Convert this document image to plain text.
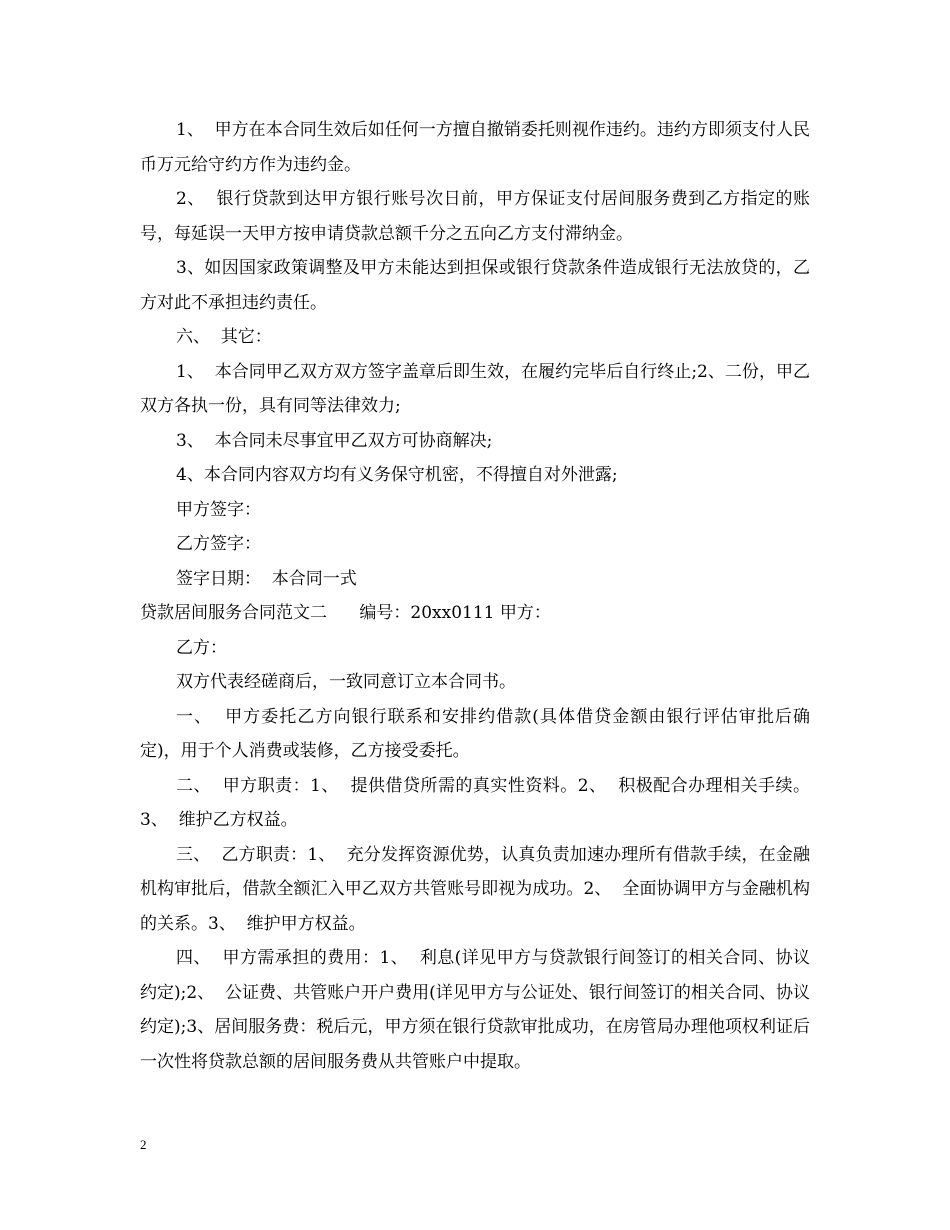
1、  甲方在本合同生效后如任何一方擅自撤销委托则视作违约。违约方即须支付人民币万元给守约方作为违约金。

2、  银行贷款到达甲方银行账号次日前，甲方保证支付居间服务费到乙方指定的账号，每延误一天甲方按申请贷款总额千分之五向乙方支付滞纳金。

3、如因国家政策调整及甲方未能达到担保或银行贷款条件造成银行无法放贷的，乙方对此不承担违约责任。

六、  其它：

1、  本合同甲乙双方双方签字盖章后即生效，在履约完毕后自行终止;2、二份，甲乙双方各执一份，具有同等法律效力;

3、  本合同未尽事宜甲乙双方可协商解决;

4、本合同内容双方均有义务保守机密，不得擅自对外泄露;

甲方签字：

乙方签字：

签字日期：  本合同一式

贷款居间服务合同范文二      编号：20xx0111 甲方：

乙方：

双方代表经磋商后，一致同意订立本合同书。

一、  甲方委托乙方向银行联系和安排约借款(具体借贷金额由银行评估审批后确定)，用于个人消费或装修，乙方接受委托。

二、  甲方职责：1、  提供借贷所需的真实性资料。2、  积极配合办理相关手续。3、  维护乙方权益。

三、  乙方职责：1、  充分发挥资源优势，认真负责加速办理所有借款手续，在金融机构审批后，借款全额汇入甲乙双方共管账号即视为成功。2、  全面协调甲方与金融机构的关系。3、  维护甲方权益。

四、  甲方需承担的费用：1、  利息(详见甲方与贷款银行间签订的相关合同、协议约定);2、  公证费、共管账户开户费用(详见甲方与公证处、银行间签订的相关合同、协议约定);3、居间服务费：税后元，甲方须在银行贷款审批成功，在房管局办理他项权利证后一次性将贷款总额的居间服务费从共管账户中提取。

2
